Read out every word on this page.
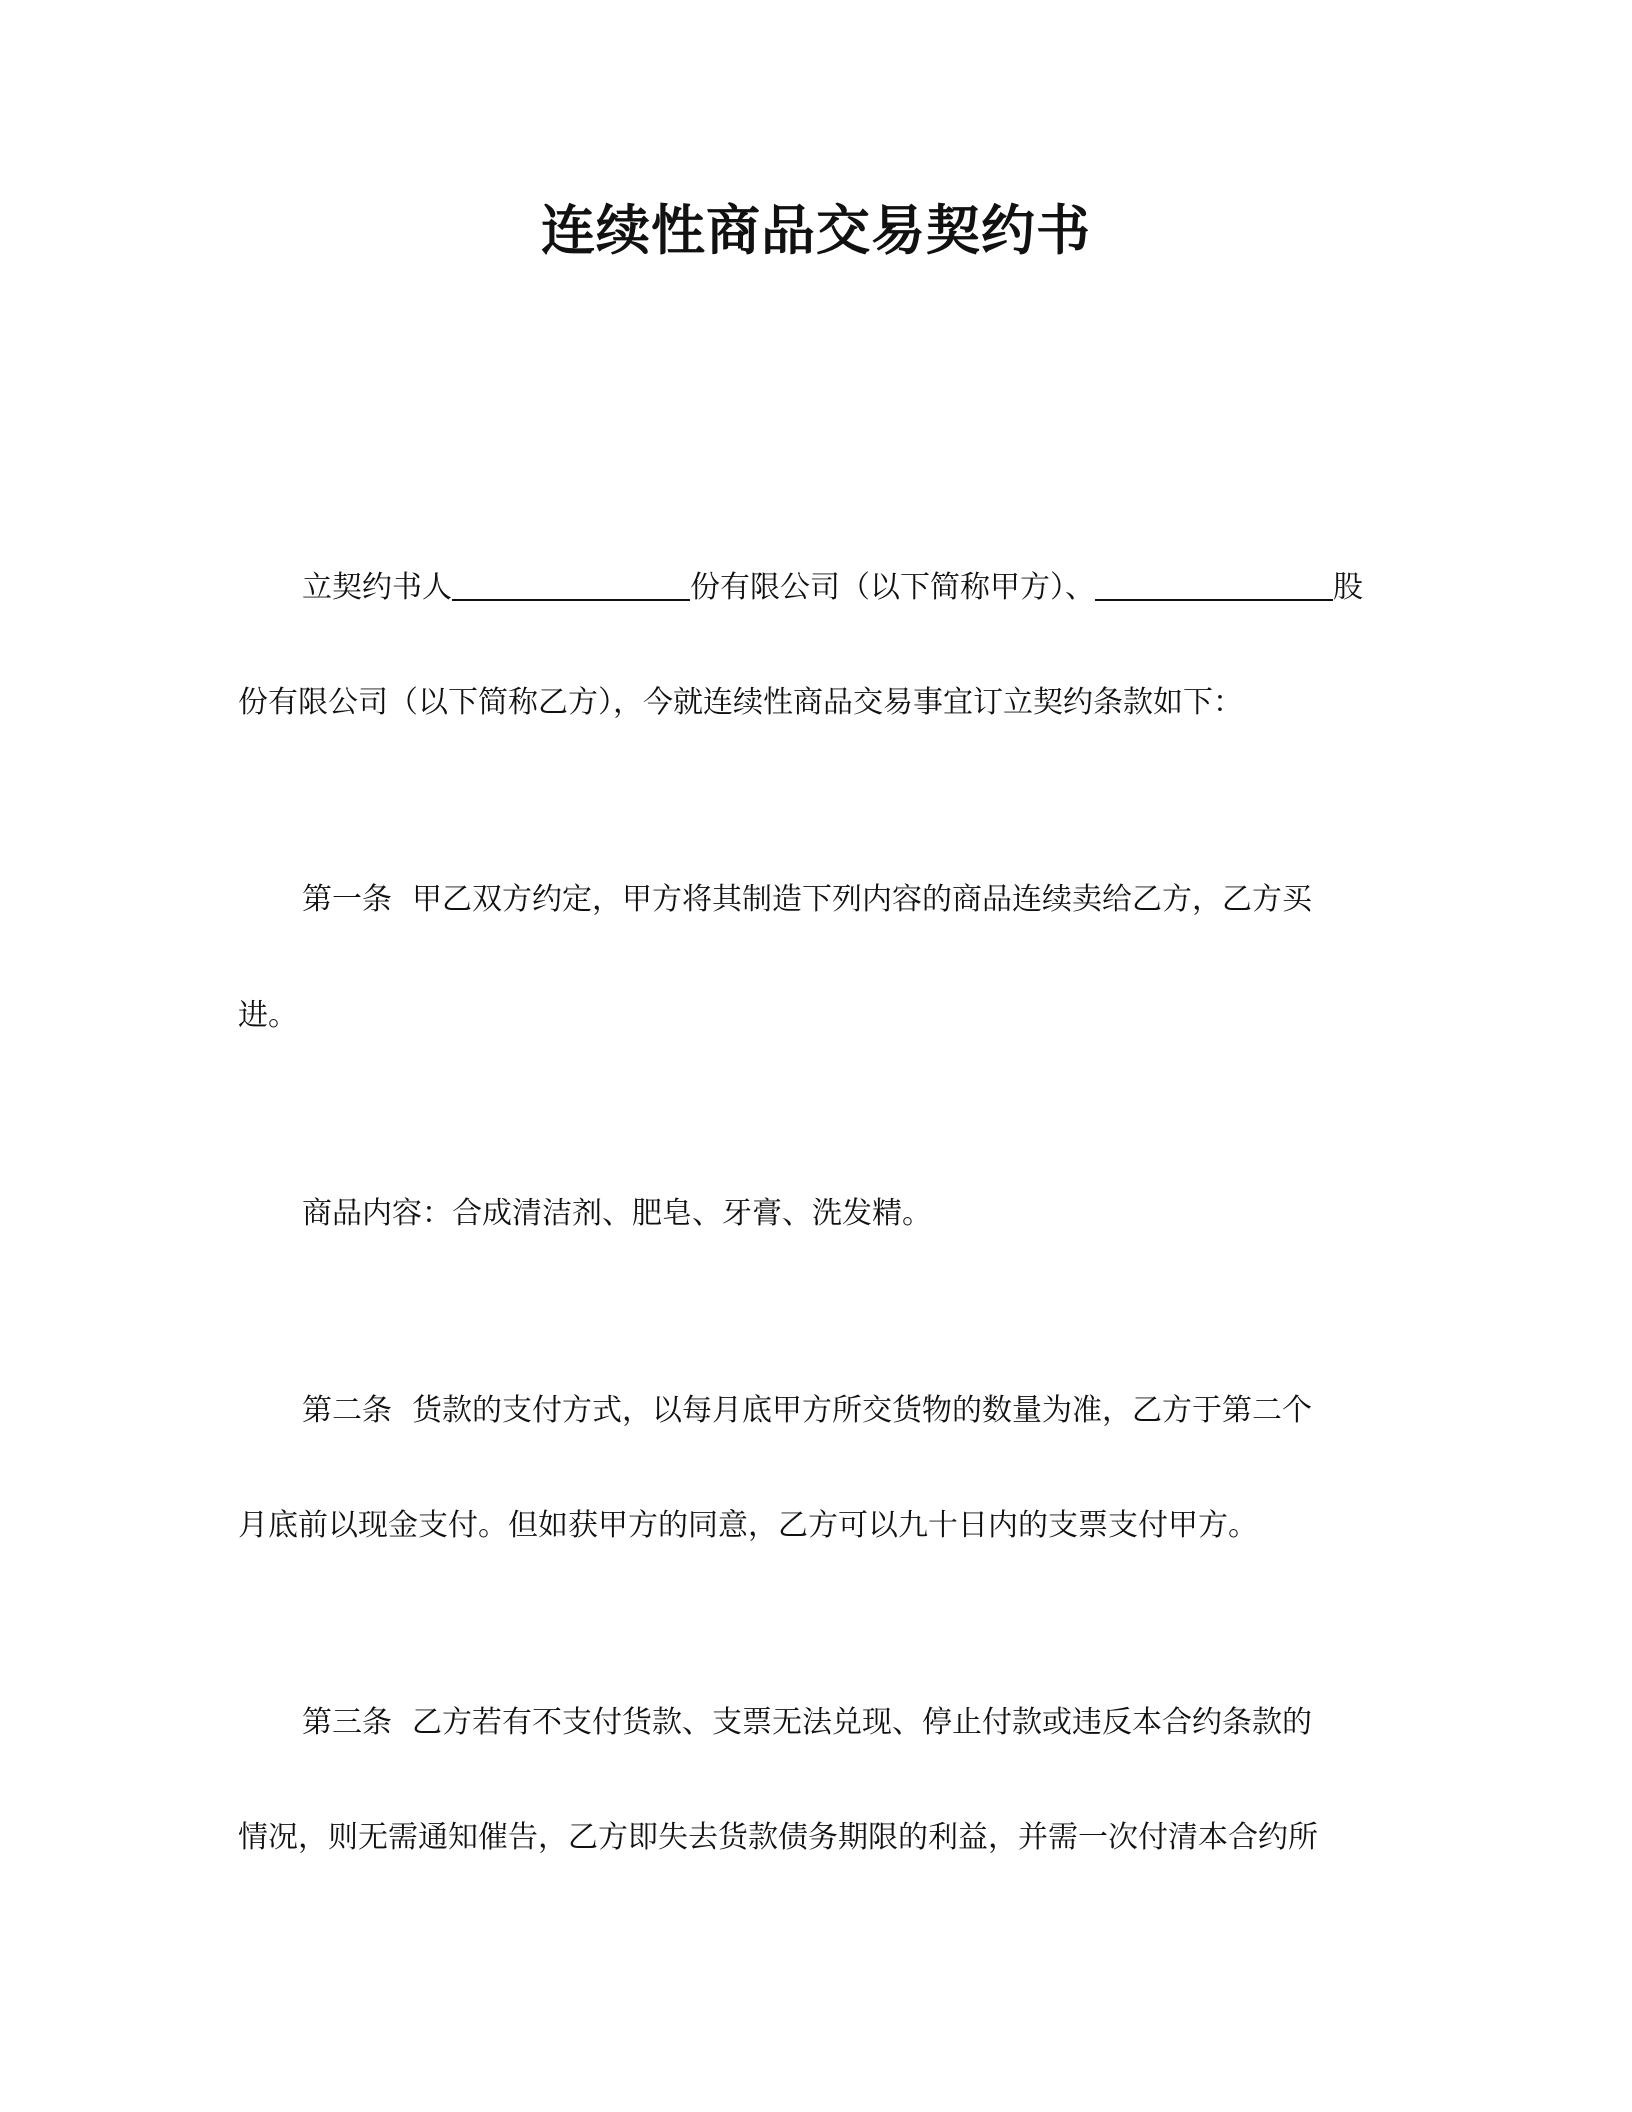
连续性商品交易契约书
立契约书人	份有限公司（以下简称甲方）、	股
份有限公司（以下简称乙方），今就连续性商品交易事宜订立契约条款如下：
第一条 甲乙双方约定，甲方将其制造下列内容的商品连续卖给乙方，乙方买
进。
商品内容：合成清洁剂、肥皂、牙膏、洗发精。
第二条 货款的支付方式，以每月底甲方所交货物的数量为准，乙方于第二个
月底前以现金支付。但如获甲方的同意，乙方可以九十日内的支票支付甲方。
第三条 乙方若有不支付货款、支票无法兑现、停止付款或违反本合约条款的
情况，则无需通知催告，乙方即失去货款债务期限的利益，并需一次付清本合约所
